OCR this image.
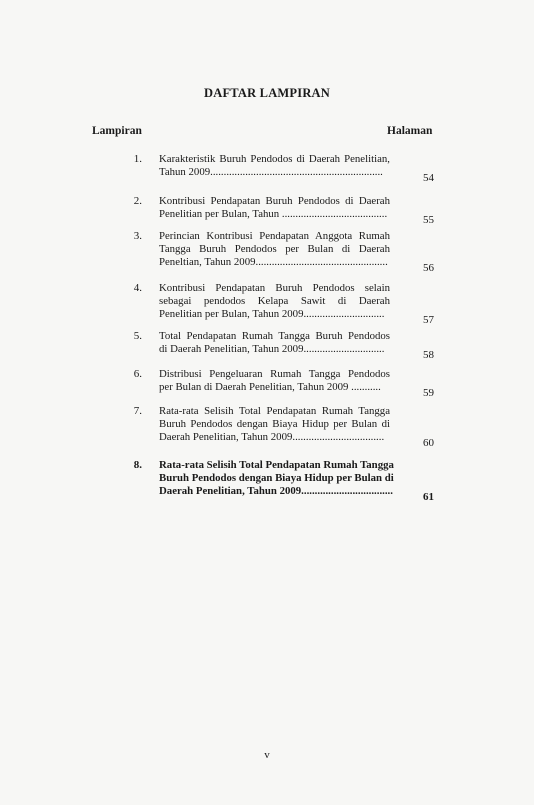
DAFTAR LAMPIRAN
Lampiran	Halaman
1. Karakteristik Buruh Pendodos di Daerah Penelitian,
Tahun 2009................................................................	54
2. Kontribusi Pendapatan Buruh Pendodos di Daerah
Penelitian per Bulan, Tahun .......................................	55
3. Perincian Kontribusi Pendapatan Anggota Rumah
Tangga Buruh Pendodos per Bulan di Daerah
Peneltian, Tahun 2009.................................................	56
4. Kontribusi Pendapatan Buruh Pendodos selain
sebagai pendodos Kelapa Sawit di Daerah
Penelitian per Bulan, Tahun 2009..............................	57
5. Total Pendapatan Rumah Tangga Buruh Pendodos
di Daerah Penelitian, Tahun 2009..............................	58
6. Distribusi Pengeluaran Rumah Tangga Pendodos
per Bulan di Daerah Penelitian, Tahun 2009 ...........	59
7. Rata-rata Selisih Total Pendapatan Rumah Tangga
Buruh Pendodos dengan Biaya Hidup per Bulan di
Daerah Penelitian, Tahun 2009..................................	60
8. Rata-rata Selisih Total Pendapatan Rumah Tangga
Buruh Pendodos dengan Biaya Hidup per Bulan di
Daerah Penelitian, Tahun 2009..................................	61
v
